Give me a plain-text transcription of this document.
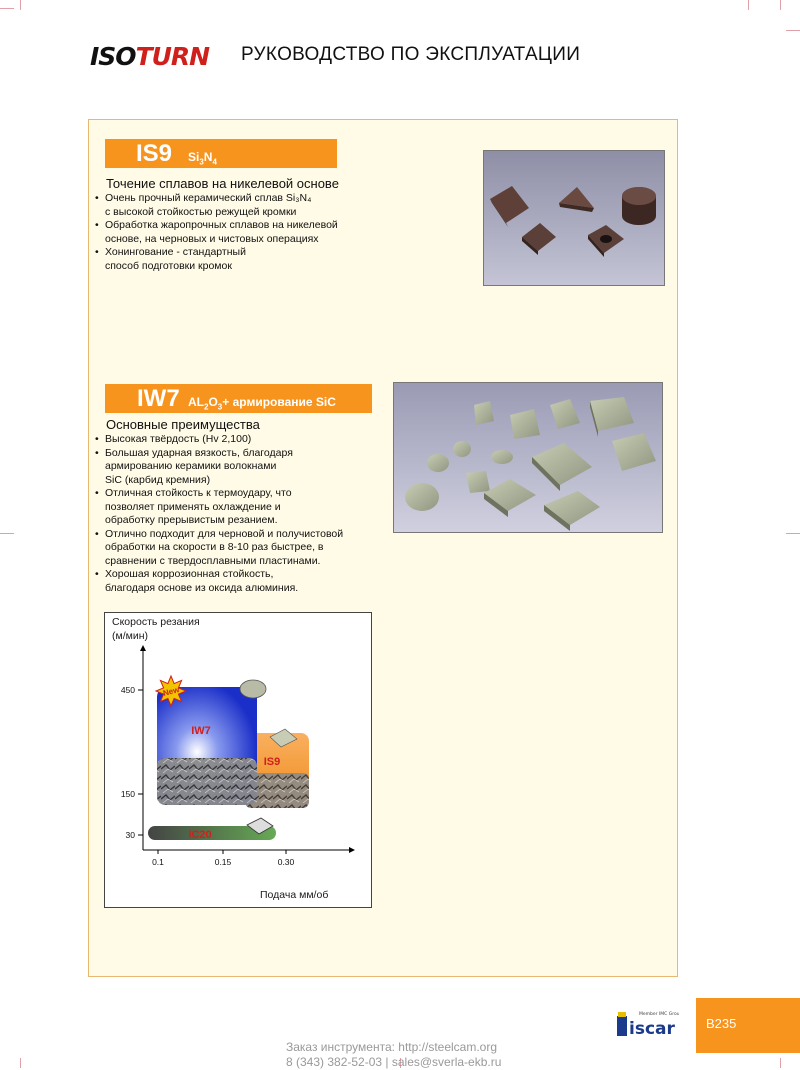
ISOTURN РУКОВОДСТВО ПО ЭКСПЛУАТАЦИИ
IS9 $Si_3N_4$
Точение сплавов на никелевой основе
• Очень прочный керамический сплав Si₃N₄
с высокой стойкостью режущей кромки
• Обработка жаропрочных сплавов на никелевой
основе, на черновых и чистовых операциях
• Хонингование - стандартный
способ подготовки кромок
IW7 $AL_2O_3+$ армирование SiC
Основные преимущества
• Высокая твёрдость (Hv 2,100)
• Большая ударная вязкость, благодаря
армированию керамики волокнами
SiC (карбид кремния)
• Отличная стойкость к термоудару, что
позволяет применять охлаждение и
обработку прерывистым резанием.
• Отлично подходит для черновой и получистовой
обработки на скорости в 8-10 раз быстрее, в
сравнении с твердосплавными пластинами.
• Хорошая коррозионная стойкость,
благодаря основе из оксида алюминия.
450
150
30
0.1	0.15	0.30
New
IW7
IS9
IC20
Скорость резания
(м/мин)
Подача мм/об
iscar
Member IMC Group
B235
Заказ инструмента: http://steelcam.org
8 (343) 382-52-03 | sales@sverla-ekb.ru
